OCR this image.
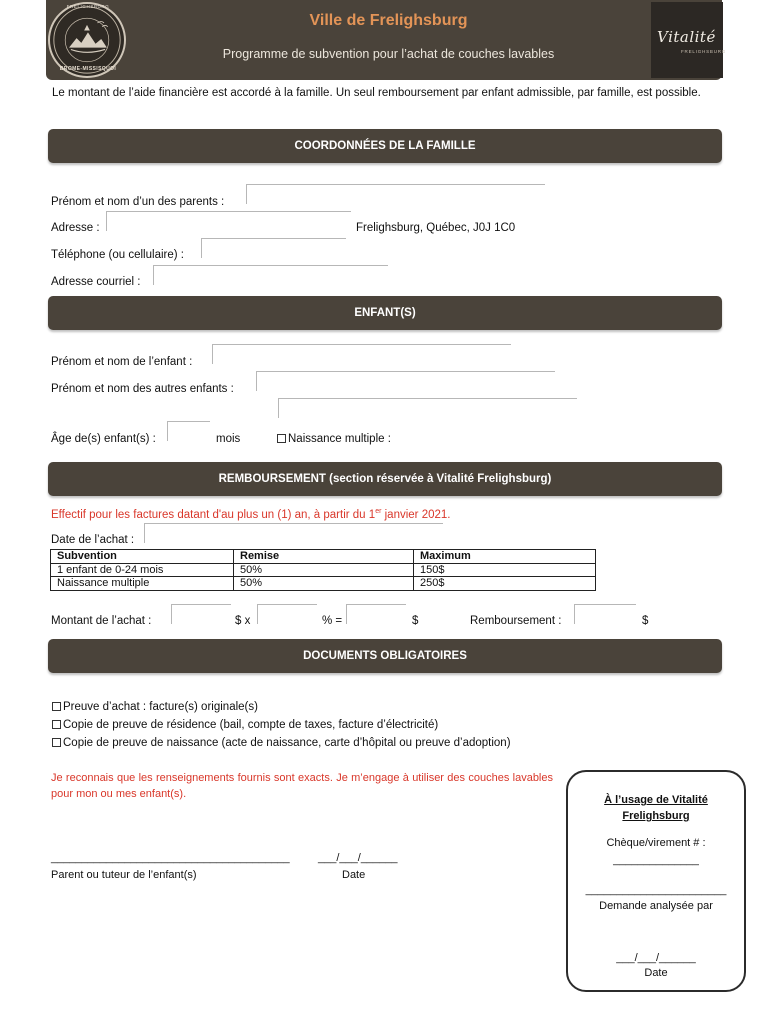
FRELIGHSBURG
BROME-MISSISQUOI
Ville de Frelighsburg
Programme de subvention pour l’achat de couches lavables
Vitalité
FRELIGHSBURG
Le montant de l’aide financière est accordé à la famille. Un seul remboursement par enfant admissible, par famille, est possible.
COORDONNÉES DE LA FAMILLE
Prénom et nom d’un des parents :
Adresse :	Frelighsburg, Québec, J0J 1C0
Téléphone (ou cellulaire) :
Adresse courriel :
ENFANT(S)
Prénom et nom de l’enfant :
Prénom et nom des autres enfants :
Âge de(s) enfant(s) :	mois	Naissance multiple :
REMBOURSEMENT (section réservée à Vitalité Frelighsburg)
Effectif pour les factures datant d'au plus un (1) an, à partir du 1er janvier 2021.
Date de l’achat :
Subvention	Remise	Maximum
1 enfant de 0-24 mois	50%	150$
Naissance multiple	50%	250$
Montant de l’achat :	$ x	% =	$	Remboursement :	$
DOCUMENTS OBLIGATOIRES
Preuve d’achat : facture(s) originale(s)
Copie de preuve de résidence (bail, compte de taxes, facture d’électricité)
Copie de preuve de naissance (acte de naissance, carte d’hôpital ou preuve d’adoption)
Je reconnais que les renseignements fournis sont exacts. Je m’engage à utiliser des couches lavables pour mon ou mes enfant(s).
_______________________________________	___/___/______
Parent ou tuteur de l’enfant(s)	Date
À l’usage de Vitalité
Frelighsburg
Chèque/virement # :
______________
_______________________
Demande analysée par
___/___/______
Date
